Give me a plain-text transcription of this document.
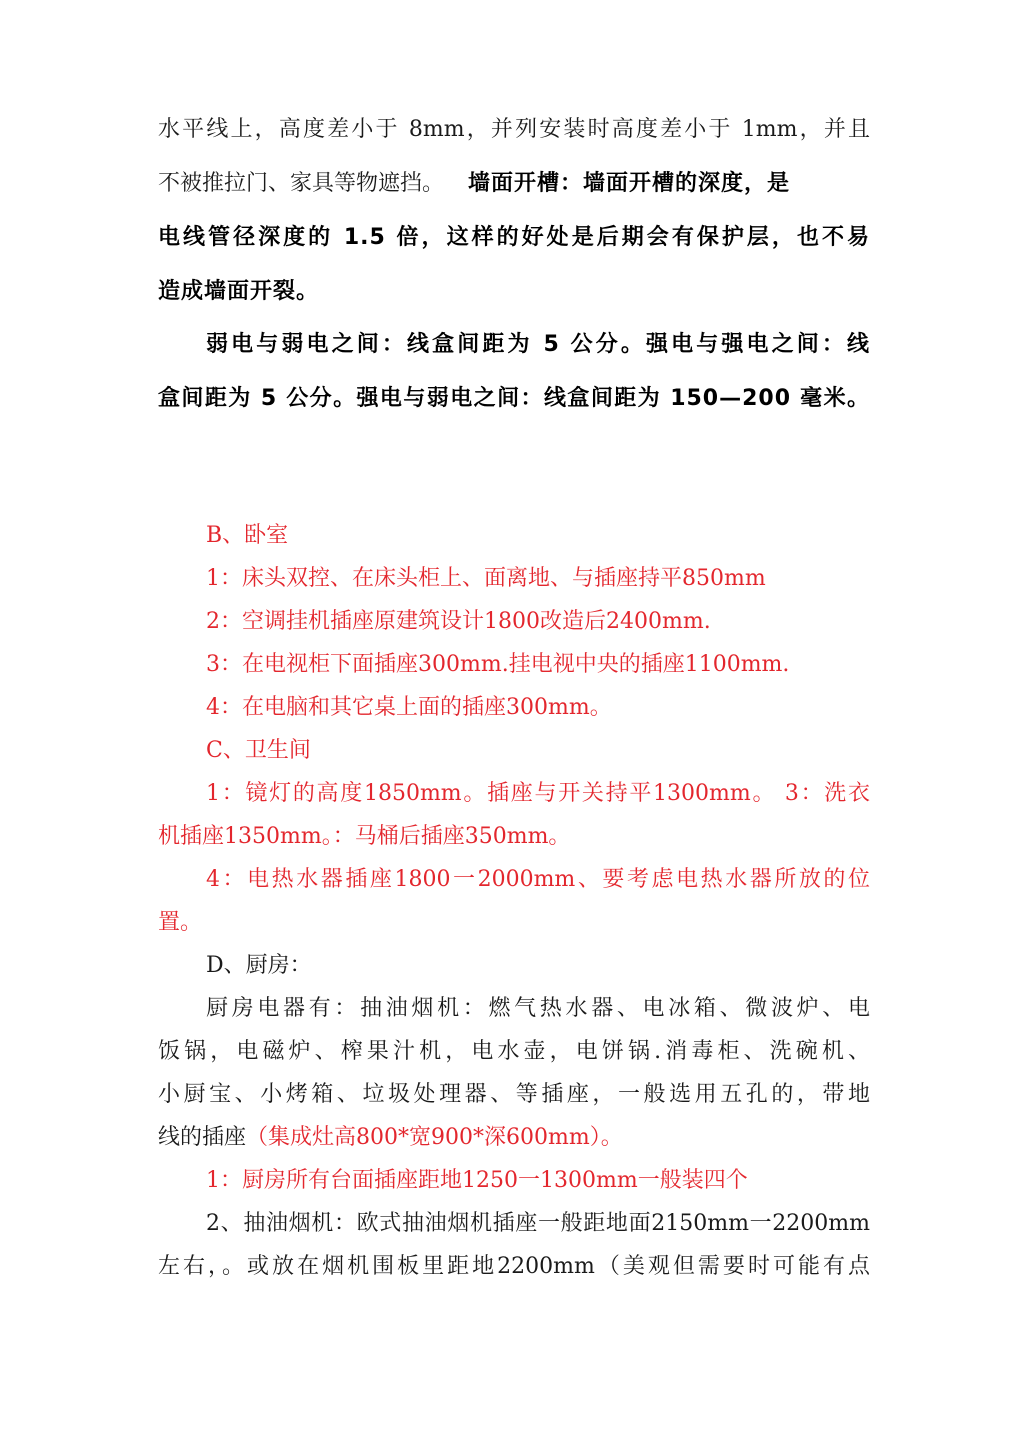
水平线上，高度差小于 8mm，并列安装时高度差小于 1mm，并且
不被推拉门、家具等物遮挡。 墙面开槽：墙面开槽的深度，是
电线管径深度的 1.5 倍，这样的好处是后期会有保护层，也不易
造成墙面开裂。
弱电与弱电之间：线盒间距为 5 公分。强电与强电之间：线
盒间距为 5 公分。强电与弱电之间：线盒间距为 150—200 毫米。
B、卧室
1：床头双控、在床头柜上、面离地、与插座持平850mm
2：空调挂机插座原建筑设计1800改造后2400mm.
3：在电视柜下面插座300mm.挂电视中央的插座1100mm.
4：在电脑和其它桌上面的插座300mm。
C、卫生间
1：镜灯的高度1850mm。插座与开关持平1300mm。 3：洗衣
机插座1350mm。：马桶后插座350mm。
4：电热水器插座1800一2000mm、要考虑电热水器所放的位
置。
D、厨房：
厨房电器有：抽油烟机：燃气热水器、电冰箱、微波炉、电
饭锅，电磁炉、榨果汁机，电水壶，电饼锅.消毒柜、洗碗机、
小厨宝、小烤箱、垃圾处理器、等插座，一般选用五孔的，带地
线的插座（集成灶高800*宽900*深600mm）。
1：厨房所有台面插座距地1250一1300mm一般装四个
2、抽油烟机：欧式抽油烟机插座一般距地面2150mm一2200mm
左右，。或放在烟机围板里距地2200mm（美观但需要时可能有点
